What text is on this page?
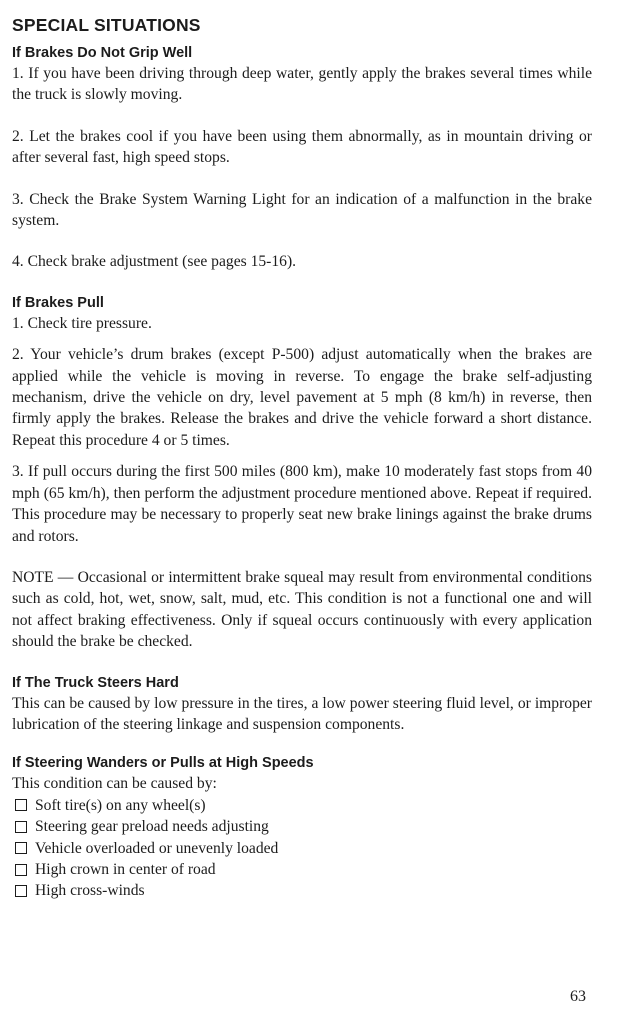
SPECIAL SITUATIONS
If Brakes Do Not Grip Well

1. If you have been driving through deep water, gently apply the brakes several times while the truck is slowly moving.

2. Let the brakes cool if you have been using them abnormally, as in mountain driving or after several fast, high speed stops.

3. Check the Brake System Warning Light for an indication of a malfunction in the brake system.

4. Check brake adjustment (see pages 15-16).

If Brakes Pull

1. Check tire pressure.

2. Your vehicle’s drum brakes (except P-500) adjust automatically when the brakes are applied while the vehicle is moving in reverse. To engage the brake self-adjusting mechanism, drive the vehicle on dry, level pavement at 5 mph (8 km/h) in reverse, then firmly apply the brakes. Release the brakes and drive the vehicle forward a short distance. Repeat this procedure 4 or 5 times.

3. If pull occurs during the first 500 miles (800 km), make 10 moderately fast stops from 40 mph (65 km/h), then perform the adjustment procedure mentioned above. Repeat if required. This procedure may be necessary to properly seat new brake linings against the brake drums and rotors.

NOTE — Occasional or intermittent brake squeal may result from environmental conditions such as cold, hot, wet, snow, salt, mud, etc. This condition is not a functional one and will not affect braking effectiveness. Only if squeal occurs continuously with every application should the brake be checked.

If The Truck Steers Hard

This can be caused by low pressure in the tires, a low power steering fluid level, or improper lubrication of the steering linkage and suspension components.

If Steering Wanders or Pulls at High Speeds

This condition can be caused by:

Soft tire(s) on any wheel(s)
Steering gear preload needs adjusting
Vehicle overloaded or unevenly loaded
High crown in center of road
High cross-winds
63
